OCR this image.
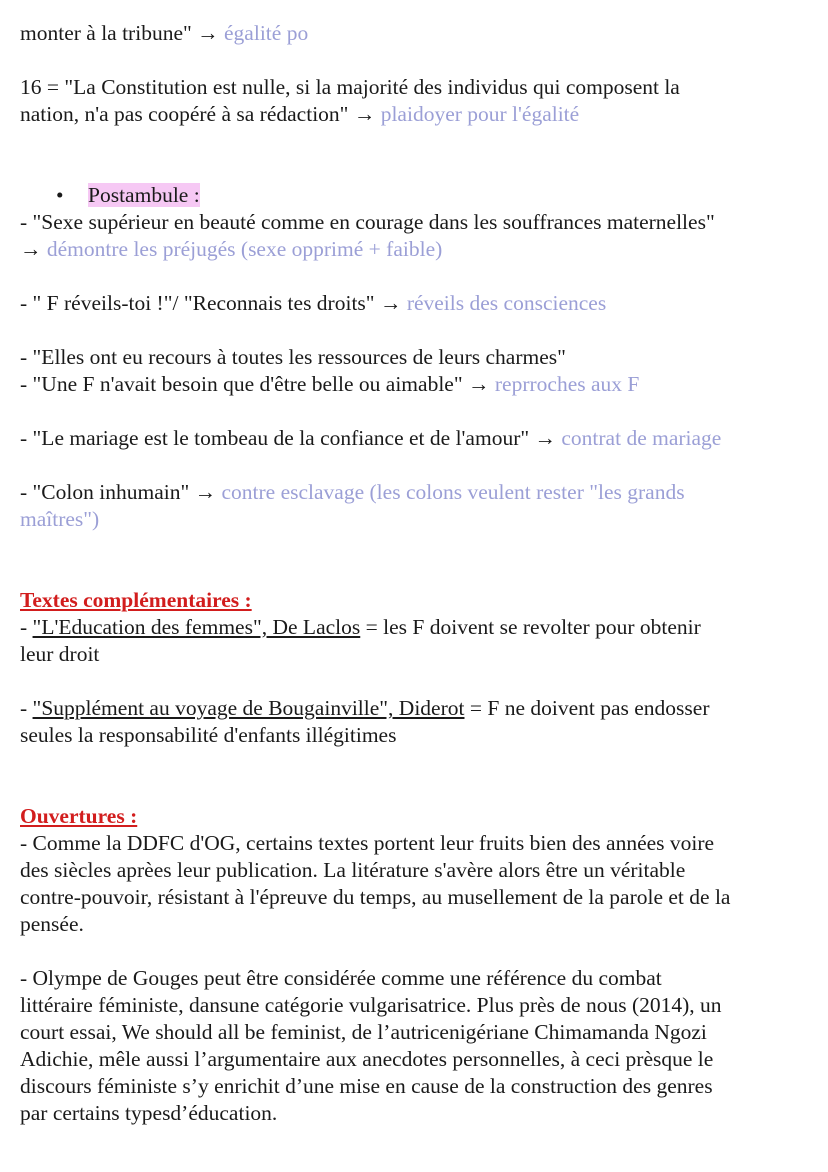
monter à la tribune" → égalité po
16 = "La Constitution est nulle, si la majorité des individus qui composent la
nation, n'a pas coopéré à sa rédaction" → plaidoyer pour l'égalité
• Postambule :
- "Sexe supérieur en beauté comme en courage dans les souffrances maternelles"
→ démontre les préjugés (sexe opprimé + faible)
- " F réveils-toi !"/ "Reconnais tes droits" → réveils des consciences
- "Elles ont eu recours à toutes les ressources de leurs charmes"
- "Une F n'avait besoin que d'être belle ou aimable" → reprroches aux F
- "Le mariage est le tombeau de la confiance et de l'amour" → contrat de mariage
- "Colon inhumain" → contre esclavage (les colons veulent rester "les grands
maîtres")
Textes complémentaires :
- "L'Education des femmes", De Laclos = les F doivent se revolter pour obtenir
leur droit
- "Supplément au voyage de Bougainville", Diderot = F ne doivent pas endosser
seules la responsabilité d'enfants illégitimes
Ouvertures :
- Comme la DDFC d'OG, certains textes portent leur fruits bien des années voire
des siècles aprèes leur publication. La litérature s'avère alors être un véritable
contre-pouvoir, résistant à l'épreuve du temps, au musellement de la parole et de la
pensée.
- Olympe de Gouges peut être considérée comme une référence du combat
littéraire féministe, dansune catégorie vulgarisatrice. Plus près de nous (2014), un
court essai, We should all be feminist, de l’autricenigériane Chimamanda Ngozi
Adichie, mêle aussi l’argumentaire aux anecdotes personnelles, à ceci prèsque le
discours féministe s’y enrichit d’une mise en cause de la construction des genres
par certains typesd’éducation.
